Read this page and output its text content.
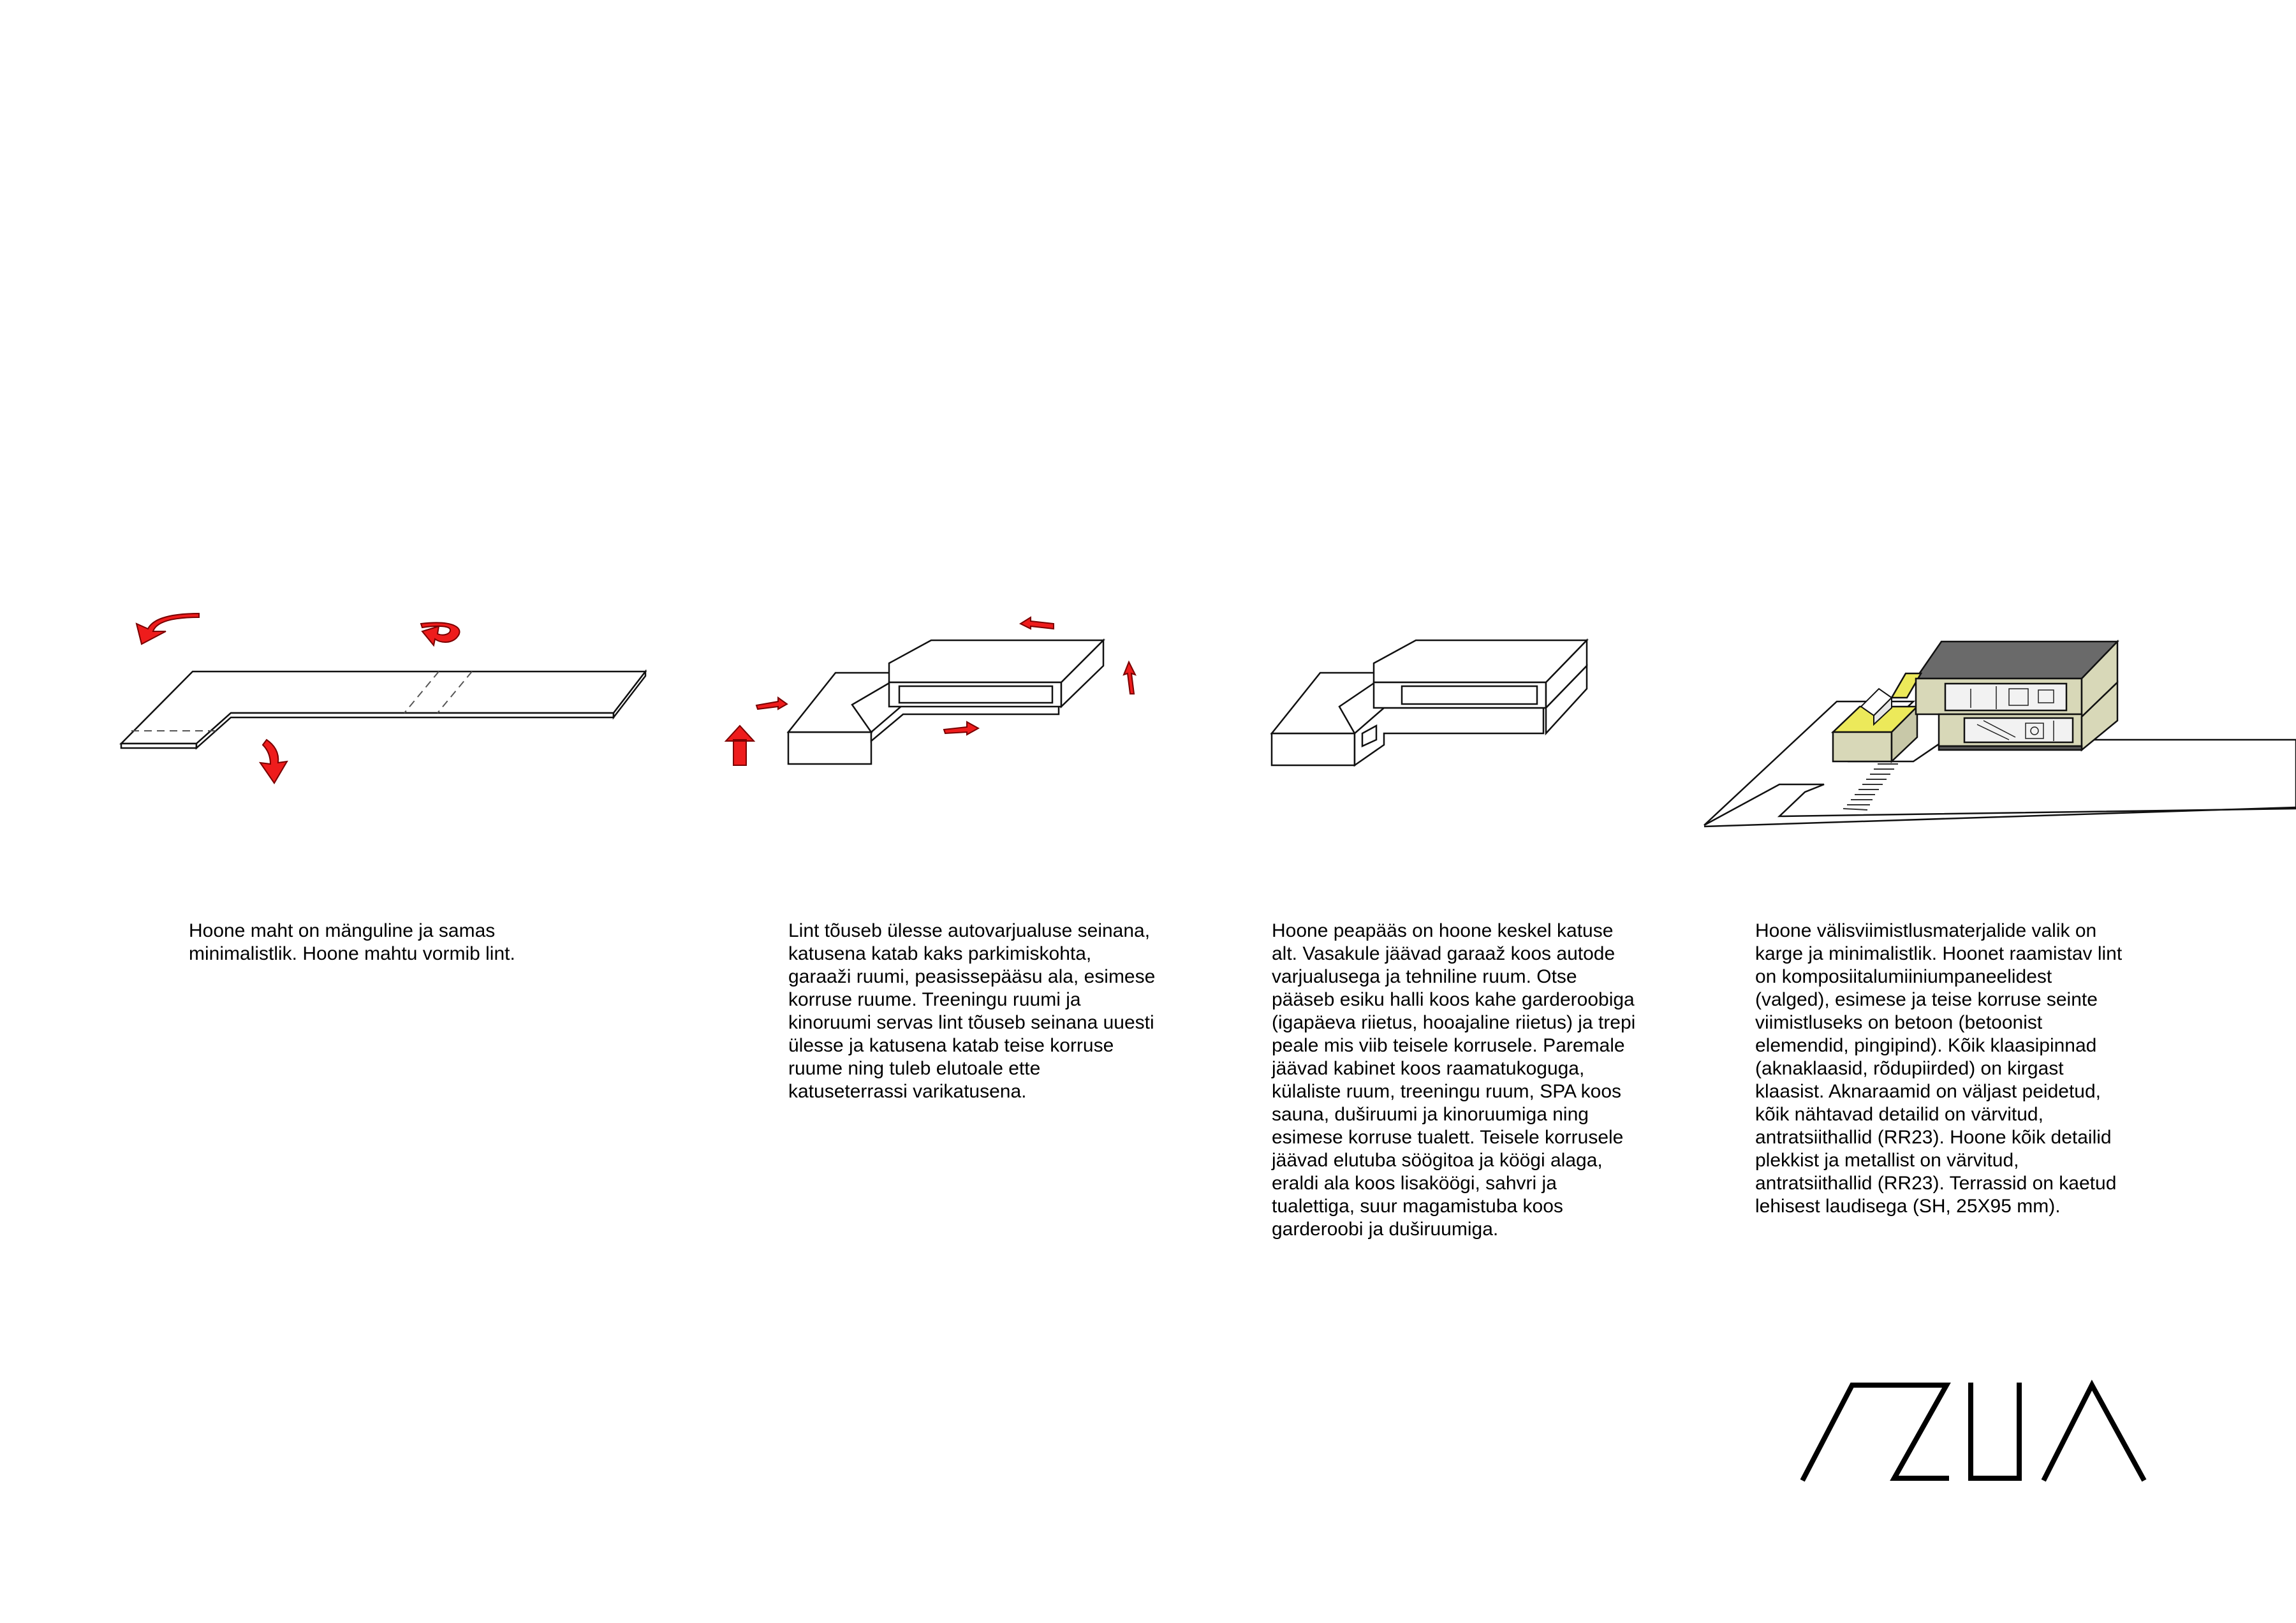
Hoone maht on mänguline ja samas
minimalistlik. Hoone mahtu vormib lint.

Lint tõuseb ülesse autovarjualuse seinana,
katusena katab kaks parkimiskohta,
garaaži ruumi, peasissepääsu ala, esimese
korruse ruume. Treeningu ruumi ja
kinoruumi servas lint tõuseb seinana uuesti
ülesse ja katusena katab teise korruse
ruume ning tuleb elutoale ette
katuseterrassi varikatusena.

Hoone peapääs on hoone keskel katuse
alt. Vasakule jäävad garaaž koos autode
varjualusega ja tehniline ruum. Otse
pääseb esiku halli koos kahe garderoobiga
(igapäeva riietus, hooajaline riietus) ja trepi
peale mis viib teisele korrusele. Paremale
jäävad kabinet koos raamatukoguga,
külaliste ruum, treeningu ruum, SPA koos
sauna, duširuumi ja kinoruumiga ning
esimese korruse tualett. Teisele korrusele
jäävad elutuba söögitoa ja köögi alaga,
eraldi ala koos lisaköögi, sahvri ja
tualettiga, suur magamistuba koos
garderoobi ja duširuumiga.

Hoone välisviimistlusmaterjalide valik on
karge ja minimalistlik. Hoonet raamistav lint
on komposiitalumiiniumpaneelidest
(valged), esimese ja teise korruse seinte
viimistluseks on betoon (betoonist
elemendid, pingipind). Kõik klaasipinnad
(aknaklaasid, rõdupiirded) on kirgast
klaasist. Aknaraamid on väljast peidetud,
kõik nähtavad detailid on värvitud,
antratsiithallid (RR23). Hoone kõik detailid
plekkist ja metallist on värvitud,
antratsiithallid (RR23). Terrassid on kaetud
lehisest laudisega (SH, 25X95 mm).
